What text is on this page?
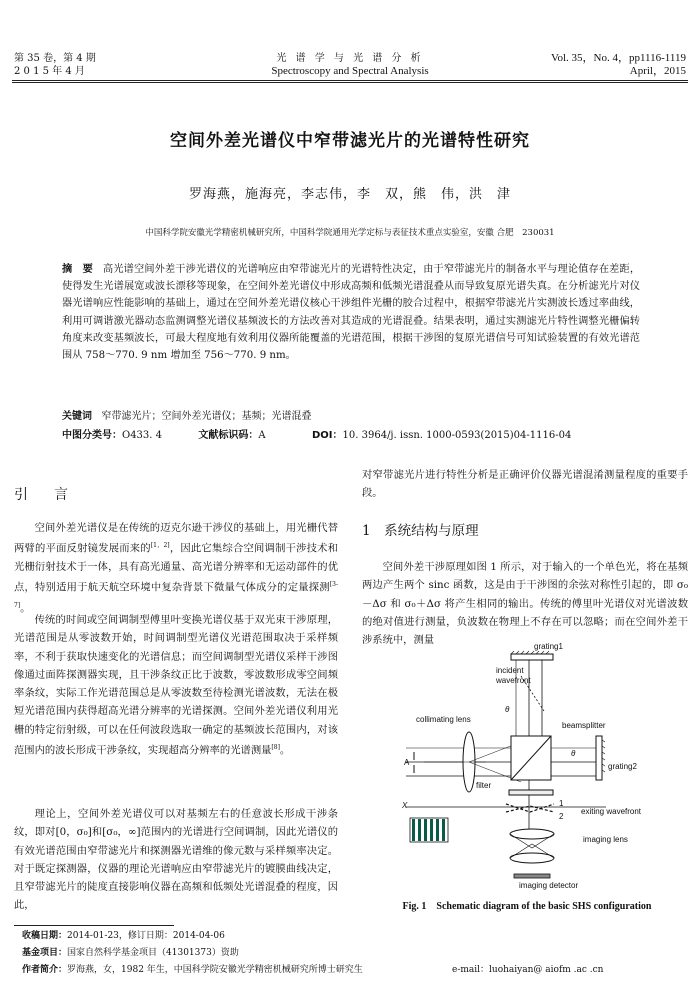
第 35 卷，第 4 期
2 0 1 5 年 4 月
光 谱 学 与 光 谱 分 析
Spectroscopy and Spectral Analysis
Vol. 35，No. 4，pp1116-1119
April，2015
空间外差光谱仪中窄带滤光片的光谱特性研究
罗海燕，施海亮，李志伟，李　双，熊　伟，洪　津
中国科学院安徽光学精密机械研究所，中国科学院通用光学定标与表征技术重点实验室，安徽 合肥　230031
摘　要 高光谱空间外差干涉光谱仪的光谱响应由窄带滤光片的光谱特性决定，由于窄带滤光片的制备水平与理论值存在差距，使得发生光谱展宽或波长漂移等现象，在空间外差光谱仪中形成高频和低频光谱混叠从而导致复原光谱失真。在分析滤光片对仪器光谱响应性能影响的基础上，通过在空间外差光谱仪核心干涉组件光栅的胶合过程中，根据窄带滤光片实测波长透过率曲线，利用可调谐激光器动态监测调整光谱仪基频波长的方法改善对其造成的光谱混叠。结果表明，通过实测滤光片特性调整光栅偏转角度来改变基频波长，可最大程度地有效利用仪器所能覆盖的光谱范围，根据干涉图的复原光谱信号可知试验装置的有效光谱范围从 758～770. 9 nm 增加至 756～770. 9 nm。
关键词 窄带滤光片；空间外差光谱仪；基频；光谱混叠
中图分类号：O433. 4	文献标识码：A	DOI：10. 3964/j. issn. 1000-0593(2015)04-1116-04
引　言

空间外差光谱仪是在传统的迈克尔逊干涉仪的基础上，用光栅代替两臂的平面反射镜发展而来的[1，2]，因此它集综合空间调制干涉技术和光栅衍射技术于一体，具有高光通量、高光谱分辨率和无运动部件的优点，特别适用于航天航空环境中复杂背景下微量气体成分的定量探测[3-7]。

传统的时间或空间调制型傅里叶变换光谱仪基于双光束干涉原理，光谱范围是从零波数开始，时间调制型光谱仪光谱范围取决于采样频率，不利于获取快速变化的光谱信息；而空间调制型光谱仪采样干涉图像通过面阵探测器实现，且干涉条纹正比于波数，零波数形成零空间频率条纹，实际工作光谱范围总是从零波数至待检测光谱波数，无法在极短光谱范围内获得超高光谱分辨率的光谱探测。空间外差光谱仪利用光栅的特定衍射级，可以在任何波段选取一确定的基频波长范围内，对该范围内的波长形成干涉条纹，实现超高分辨率的光谱测量[8]。

理论上，空间外差光谱仪可以对基频左右的任意波长形成干涉条纹，即对[0，σ₀]和[σ₀，∞]范围内的光谱进行空间调制，因此光谱仪的有效光谱范围由窄带滤光片和探测器光谱维的像元数与采样频率决定。对于既定探测器，仪器的理论光谱响应由窄带滤光片的镀膜曲线决定，且窄带滤光片的陡度直接影响仪器在高频和低频处光谱混叠的程度，因此，

对窄带滤光片进行特性分析是正确评价仪器光谱混淆测量程度的重要手段。

1　系统结构与原理

空间外差干涉原理如图 1 所示，对于输入的一个单色光，将在基频两边产生两个 sinc 函数，这是由于干涉图的余弦对称性引起的，即 σ₀－Δσ 和 σ₀＋Δσ 将产生相同的输出。传统的傅里叶光谱仪对光谱波数的绝对值进行测量，负波数在物理上不存在可以忽略；而在空间外差干涉系统中，测量

grating1
incident
wavefront
θ
collimating lens
A
beamsplitter
θ
grating2
filter
X	1
2
exiting wavefront
imaging lens
imaging detector
Fig. 1　Schematic diagram of the basic SHS configuration
收稿日期：2014-01-23，修订日期：2014-04-06
基金项目：国家自然科学基金项目（41301373）资助
作者简介：罗海燕，女，1982 年生，中国科学院安徽光学精密机械研究所博士研究生	e-mail：luohaiyan@ aiofm .ac .cn
